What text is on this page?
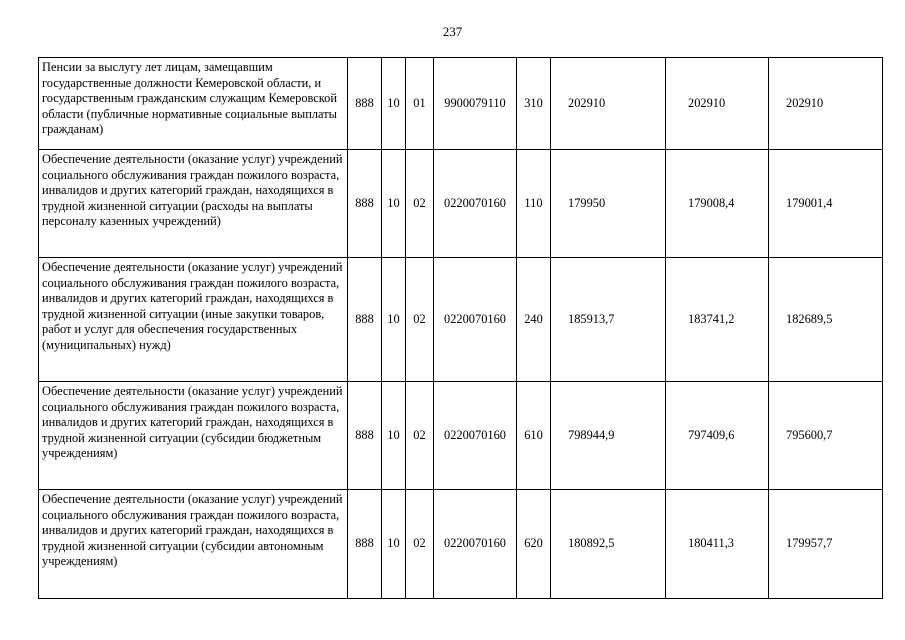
237
Пенсии за выслугу лет лицам, замещавшим государственные должности Кемеровской области, и государственным гражданским служащим Кемеровской области (публичные нормативные социальные выплаты гражданам)	888	10	01	9900079110	310	202910	202910	202910
Обеспечение деятельности (оказание услуг) учреждений социального обслуживания граждан пожилого возраста, инвалидов и других категорий граждан, находящихся в трудной жизненной ситуации (расходы на выплаты персоналу казенных учреждений)	888	10	02	0220070160	110	179950	179008,4	179001,4
Обеспечение деятельности (оказание услуг) учреждений социального обслуживания граждан пожилого возраста, инвалидов и других категорий граждан, находящихся в трудной жизненной ситуации (иные закупки товаров, работ и услуг для обеспечения государственных (муниципальных) нужд)	888	10	02	0220070160	240	185913,7	183741,2	182689,5
Обеспечение деятельности (оказание услуг) учреждений социального обслуживания граждан пожилого возраста, инвалидов и других категорий граждан, находящихся в трудной жизненной ситуации (субсидии бюджетным учреждениям)	888	10	02	0220070160	610	798944,9	797409,6	795600,7
Обеспечение деятельности (оказание услуг) учреждений социального обслуживания граждан пожилого возраста, инвалидов и других категорий граждан, находящихся в трудной жизненной ситуации (субсидии автономным учреждениям)	888	10	02	0220070160	620	180892,5	180411,3	179957,7
